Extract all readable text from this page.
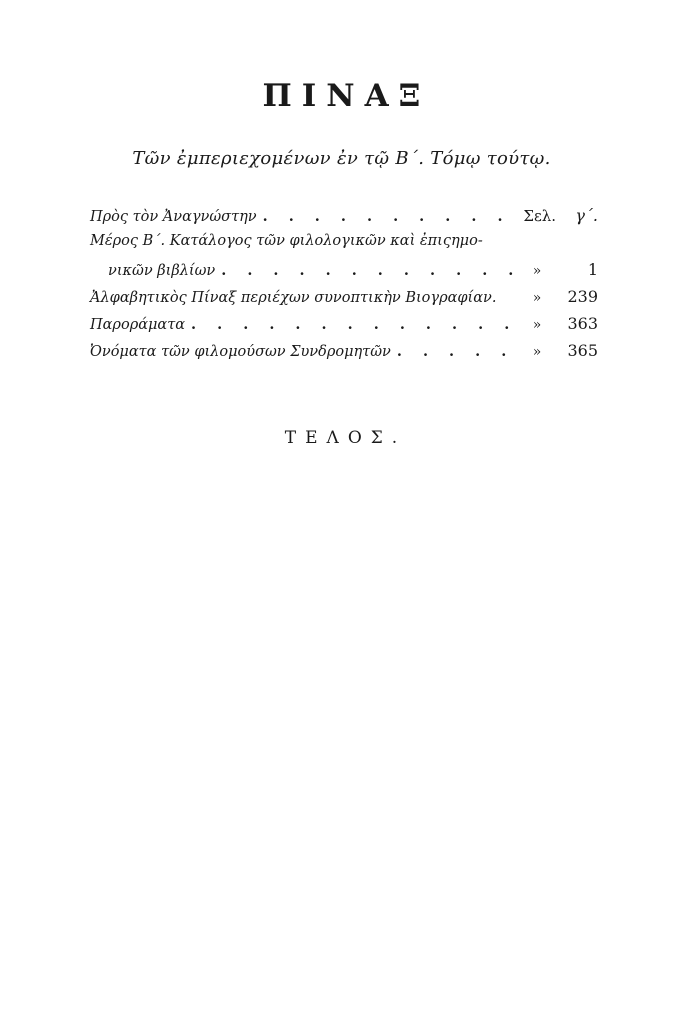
ΠΙΝΑΞ
Τῶν ἐμπεριεχομένων ἐν τῷ Β΄. Τόμῳ τούτῳ.
Πρὸς τὸν Ἀναγνώστην . . .	Σελ.	γ΄.
Μέρος Β΄. Κατάλογος τῶν φιλολογικῶν καὶ ἐπιςημο-
νικῶν βιβλίων . . .	»	1
Ἀλφαβητικὸς Πίναξ περιέχων συνοπτικὴν Βιογραφίαν.	»	239
Παροράματα . . .	»	363
Ὀνόματα τῶν φιλομούσων Συνδρομητῶν . . .	»	365
ΤΕΛΟΣ.
